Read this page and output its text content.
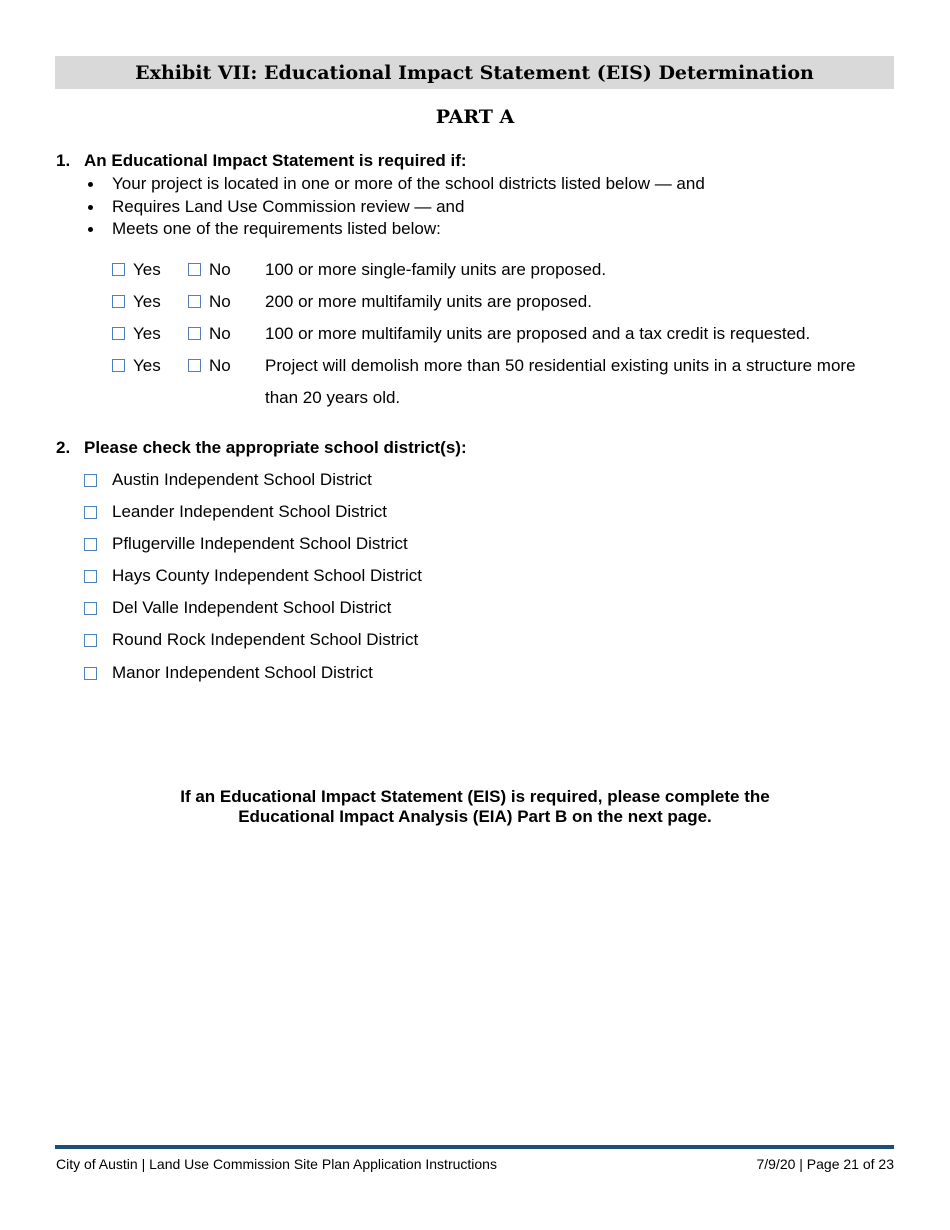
Exhibit VII: Educational Impact Statement (EIS) Determination
PART A
1. An Educational Impact Statement is required if:
Your project is located in one or more of the school districts listed below — and
Requires Land Use Commission review — and
Meets one of the requirements listed below:
Yes	No 100 or more single-family units are proposed.
Yes	No 200 or more multifamily units are proposed.
Yes	No 100 or more multifamily units are proposed and a tax credit is requested.
Yes	No Project will demolish more than 50 residential existing units in a structure more than 20 years old.
2. Please check the appropriate school district(s):
Austin Independent School District
Leander Independent School District
Pflugerville Independent School District
Hays County Independent School District
Del Valle Independent School District
Round Rock Independent School District
Manor Independent School District
If an Educational Impact Statement (EIS) is required, please complete the
Educational Impact Analysis (EIA) Part B on the next page.
City of Austin | Land Use Commission Site Plan Application Instructions	7/9/20 | Page 21 of 23
